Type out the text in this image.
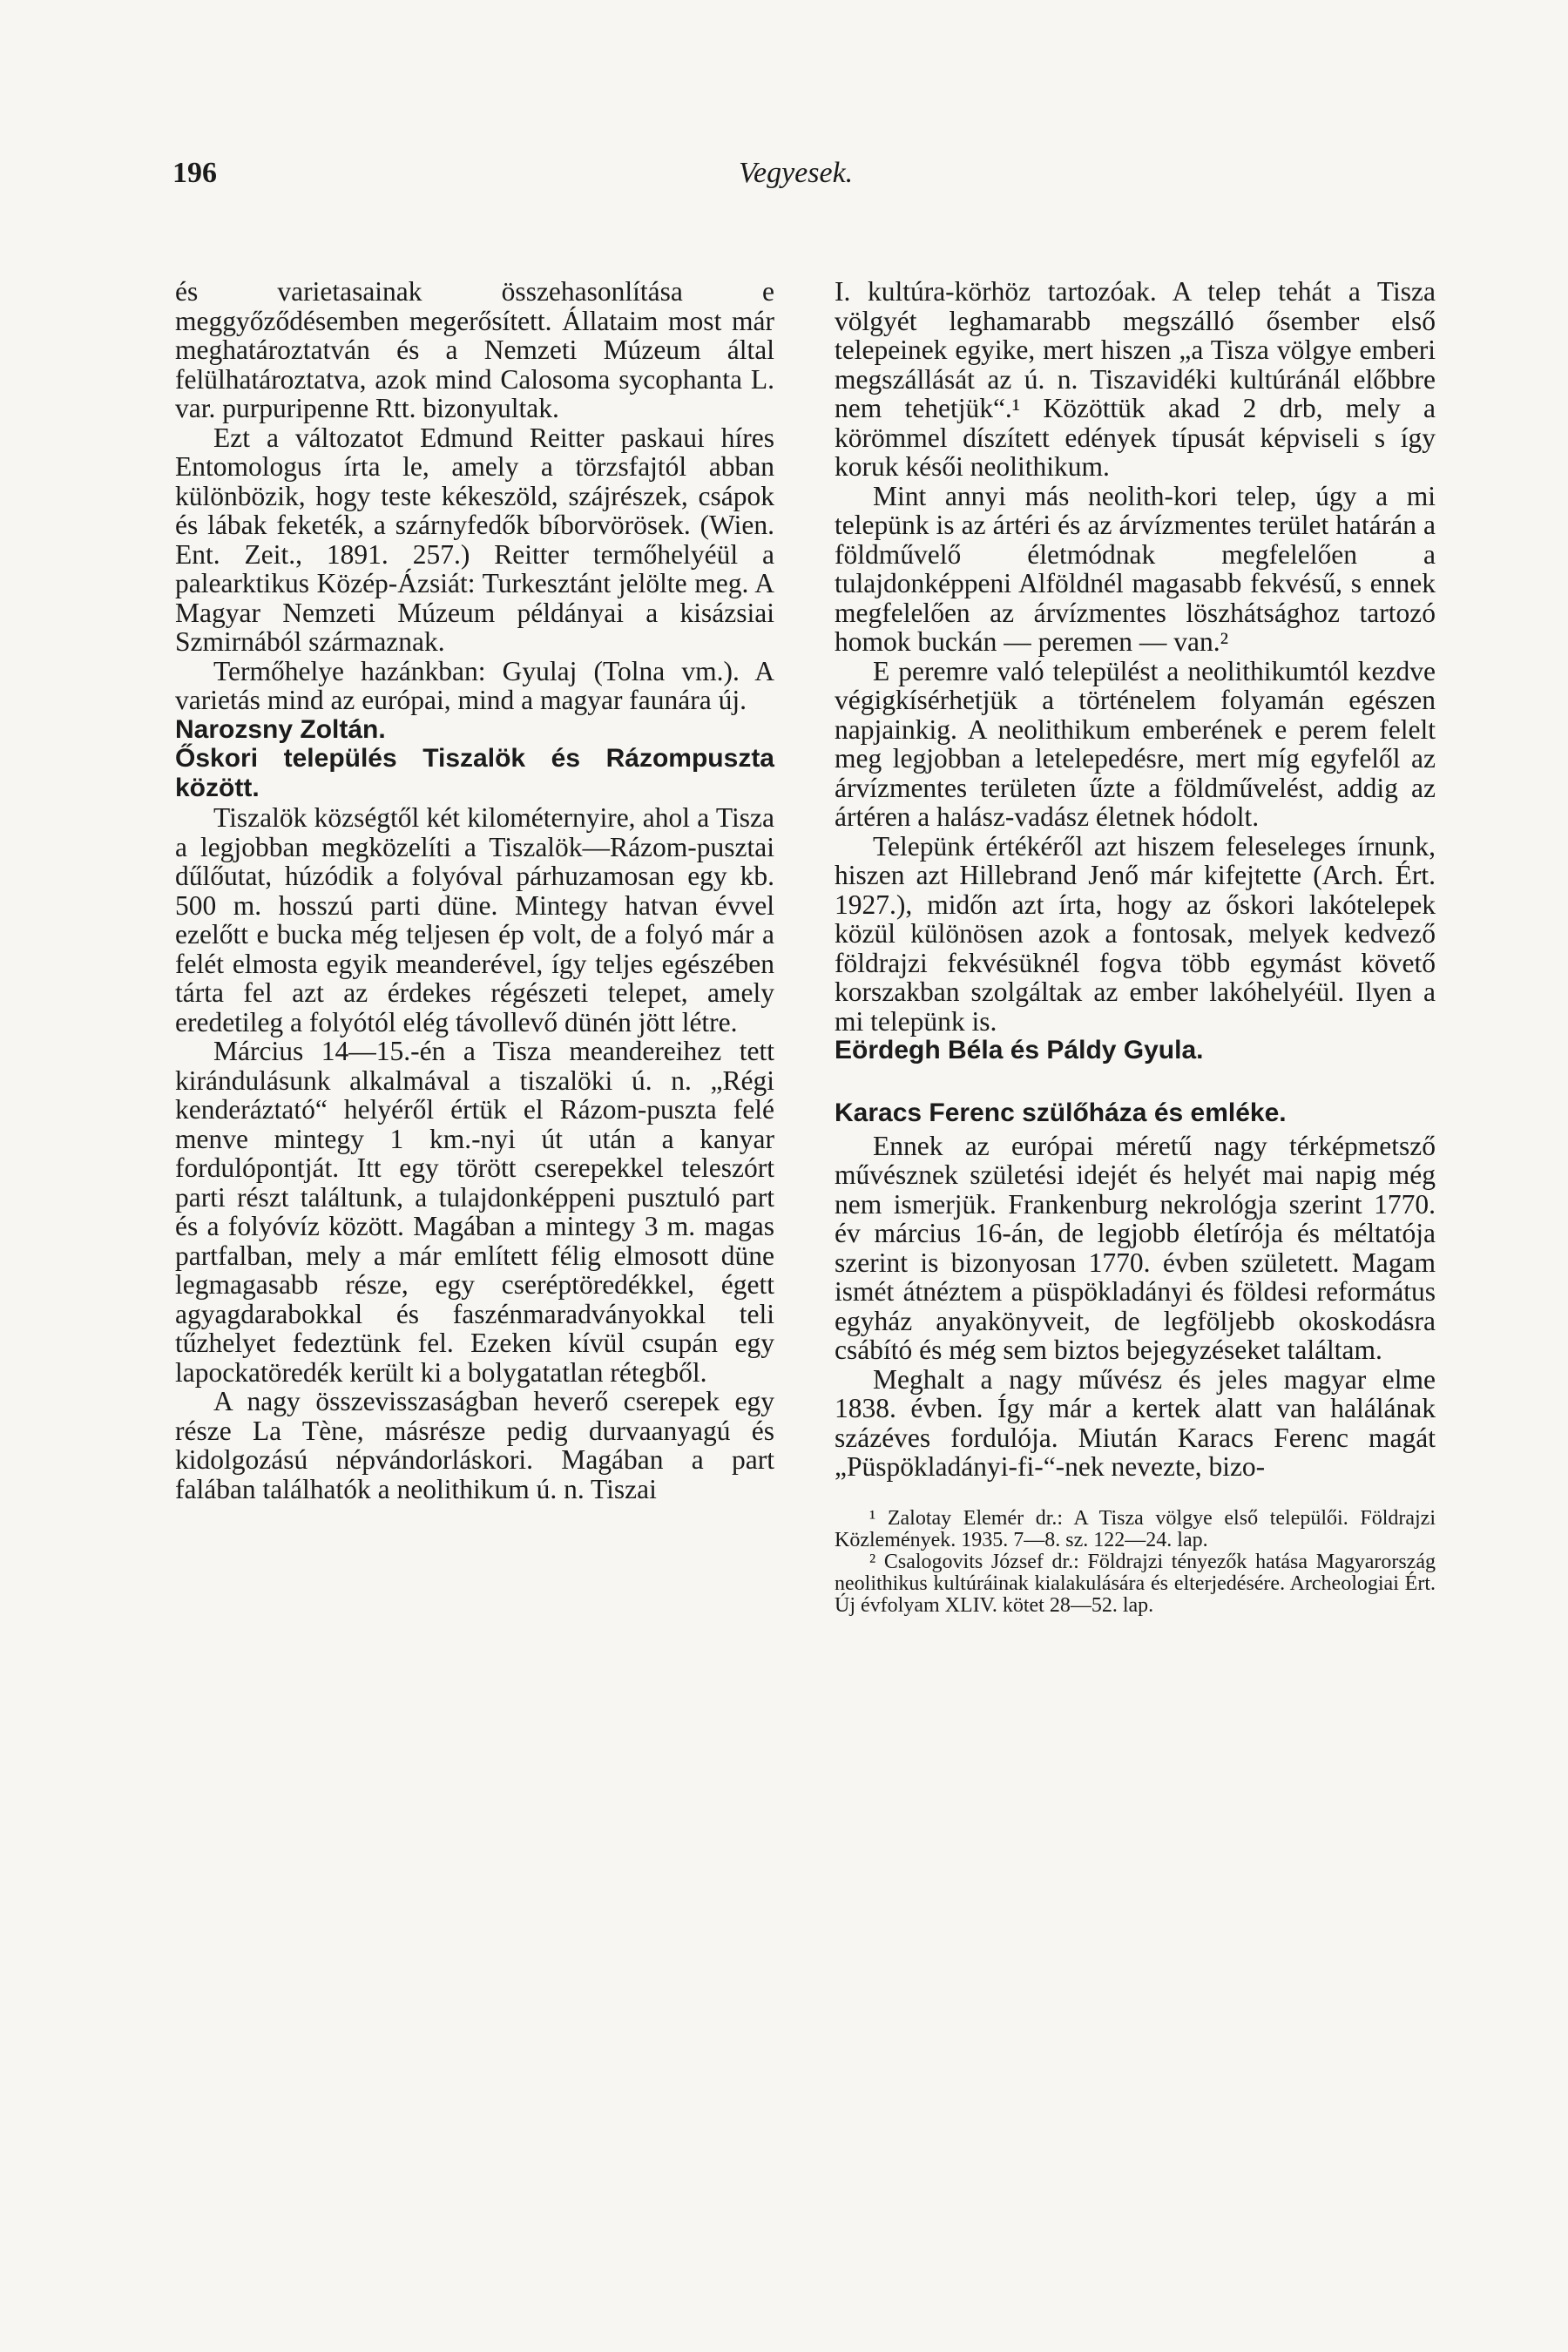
196	Vegyesek.

és varietasainak összehasonlítása e meggyőződésemben megerősített. Állataim most már meghatároztatván és a Nemzeti Múzeum által felülhatároztatva, azok mind Calosoma sycophanta L. var. purpuripenne Rtt. bizonyultak.

Ezt a változatot Edmund Reitter paskaui híres Entomologus írta le, amely a törzsfajtól abban különbözik, hogy teste kékeszöld, szájrészek, csápok és lábak feketék, a szárnyfedők bíborvörösek. (Wien. Ent. Zeit., 1891. 257.) Reitter termőhelyéül a palearktikus Közép-Ázsiát: Turkesztánt jelölte meg. A Magyar Nemzeti Múzeum példányai a kisázsiai Szmirnából származnak.

Termőhelye hazánkban: Gyulaj (Tolna vm.). A varietás mind az európai, mind a magyar faunára új.

Narozsny Zoltán.

Őskori település Tiszalök és Rázompuszta között.

Tiszalök községtől két kilométernyire, ahol a Tisza a legjobban megközelíti a Tiszalök—Rázom-pusztai dűlőutat, húzódik a folyóval párhuzamosan egy kb. 500 m. hosszú parti düne. Mintegy hatvan évvel ezelőtt e bucka még teljesen ép volt, de a folyó már a felét elmosta egyik meanderével, így teljes egészében tárta fel azt az érdekes régészeti telepet, amely eredetileg a folyótól elég távollevő dünén jött létre.

Március 14—15.-én a Tisza meandereihez tett kirándulásunk alkalmával a tiszalöki ú. n. „Régi kenderáztató“ helyéről értük el Rázom-puszta felé menve mintegy 1 km.-nyi út után a kanyar fordulópontját. Itt egy törött cserepekkel teleszórt parti részt találtunk, a tulajdonképpeni pusztuló part és a folyóvíz között. Magában a mintegy 3 m. magas partfalban, mely a már említett félig elmosott düne legmagasabb része, egy cseréptöredékkel, égett agyagdarabokkal és faszénmaradványokkal teli tűzhelyet fedeztünk fel. Ezeken kívül csupán egy lapockatöredék került ki a bolygatatlan rétegből.

A nagy összevisszaságban heverő cserepek egy része La Tène, másrésze pedig durvaanyagú és kidolgozású népvándorláskori. Magában a part falában találhatók a neolithikum ú. n. Tiszai

I. kultúra-körhöz tartozóak. A telep tehát a Tisza völgyét leghamarabb megszálló ősember első telepeinek egyike, mert hiszen „a Tisza völgye emberi megszállását az ú. n. Tiszavidéki kultúránál előbbre nem tehetjük“.¹ Közöttük akad 2 drb, mely a körömmel díszített edények típusát képviseli s így koruk késői neolithikum.

Mint annyi más neolith-kori telep, úgy a mi telepünk is az ártéri és az árvízmentes terület határán a földművelő életmódnak megfelelően a tulajdonképpeni Alföldnél magasabb fekvésű, s ennek megfelelően az árvízmentes löszhátsághoz tartozó homok buckán — peremen — van.²

E peremre való települést a neolithikumtól kezdve végigkísérhetjük a történelem folyamán egészen napjainkig. A neolithikum emberének e perem felelt meg legjobban a letelepedésre, mert míg egyfelől az árvízmentes területen űzte a földművelést, addig az ártéren a halász-vadász életnek hódolt.

Telepünk értékéről azt hiszem feleseleges írnunk, hiszen azt Hillebrand Jenő már kifejtette (Arch. Ért. 1927.), midőn azt írta, hogy az őskori lakótelepek közül különösen azok a fontosak, melyek kedvező földrajzi fekvésüknél fogva több egymást követő korszakban szolgáltak az ember lakóhelyéül. Ilyen a mi telepünk is.

Eördegh Béla és Páldy Gyula.

Karacs Ferenc szülőháza és emléke.

Ennek az európai méretű nagy térképmetsző művésznek születési idejét és helyét mai napig még nem ismerjük. Frankenburg nekrológja szerint 1770. év március 16-án, de legjobb életírója és méltatója szerint is bizonyosan 1770. évben született. Magam ismét átnéztem a püspökladányi és földesi református egyház anyakönyveit, de legföljebb okoskodásra csábító és még sem biztos bejegyzéseket találtam.

Meghalt a nagy művész és jeles magyar elme 1838. évben. Így már a kertek alatt van halálának százéves fordulója. Miután Karacs Ferenc magát „Püspökladányi-fi-“-nek nevezte, bizo-

¹ Zalotay Elemér dr.: A Tisza völgye első települői. Földrajzi Közlemények. 1935. 7—8. sz. 122—24. lap.

² Csalogovits József dr.: Földrajzi tényezők hatása Magyarország neolithikus kultúráinak kialakulására és elterjedésére. Archeologiai Ért. Új évfolyam XLIV. kötet 28—52. lap.
